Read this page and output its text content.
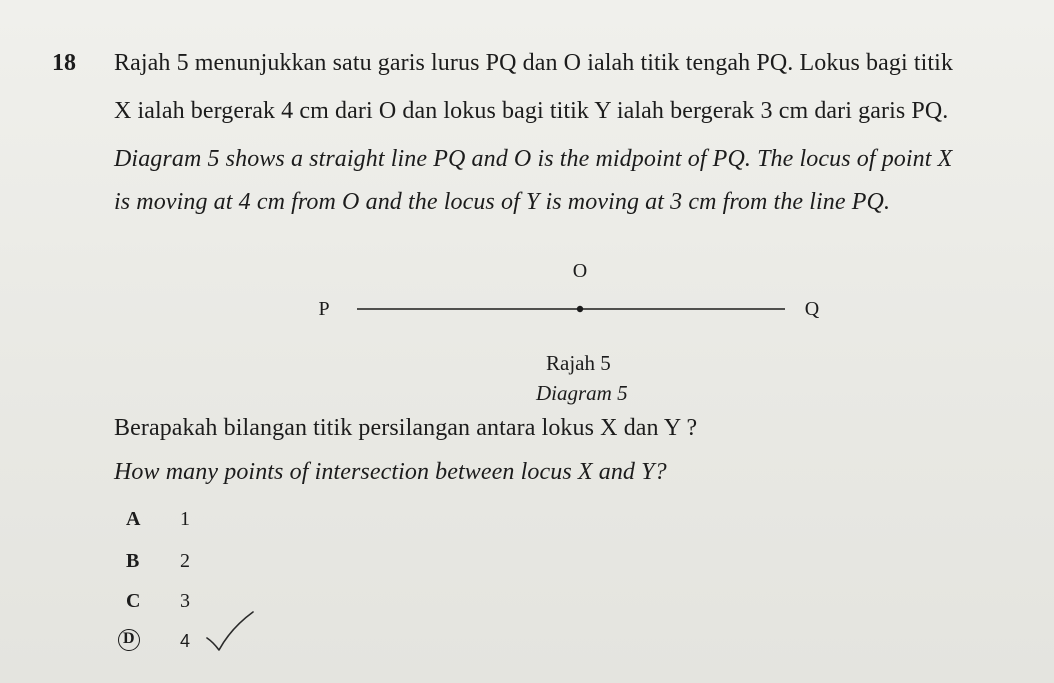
18 Rajah 5 menunjukkan satu garis lurus PQ dan O ialah titik tengah PQ. Lokus bagi titik
X ialah bergerak 4 cm dari O dan lokus bagi titik Y ialah bergerak 3 cm dari garis PQ.
Diagram 5 shows a straight line PQ and O is the midpoint of PQ. The locus of point X
is moving at 4 cm from O and the locus of Y is moving at 3 cm from the line PQ.
O
P	Q
Rajah 5
Diagram 5
Berapakah bilangan titik persilangan antara lokus X dan Y ?
How many points of intersection between locus X and Y?
A 1
B 2
C 3
D	4
